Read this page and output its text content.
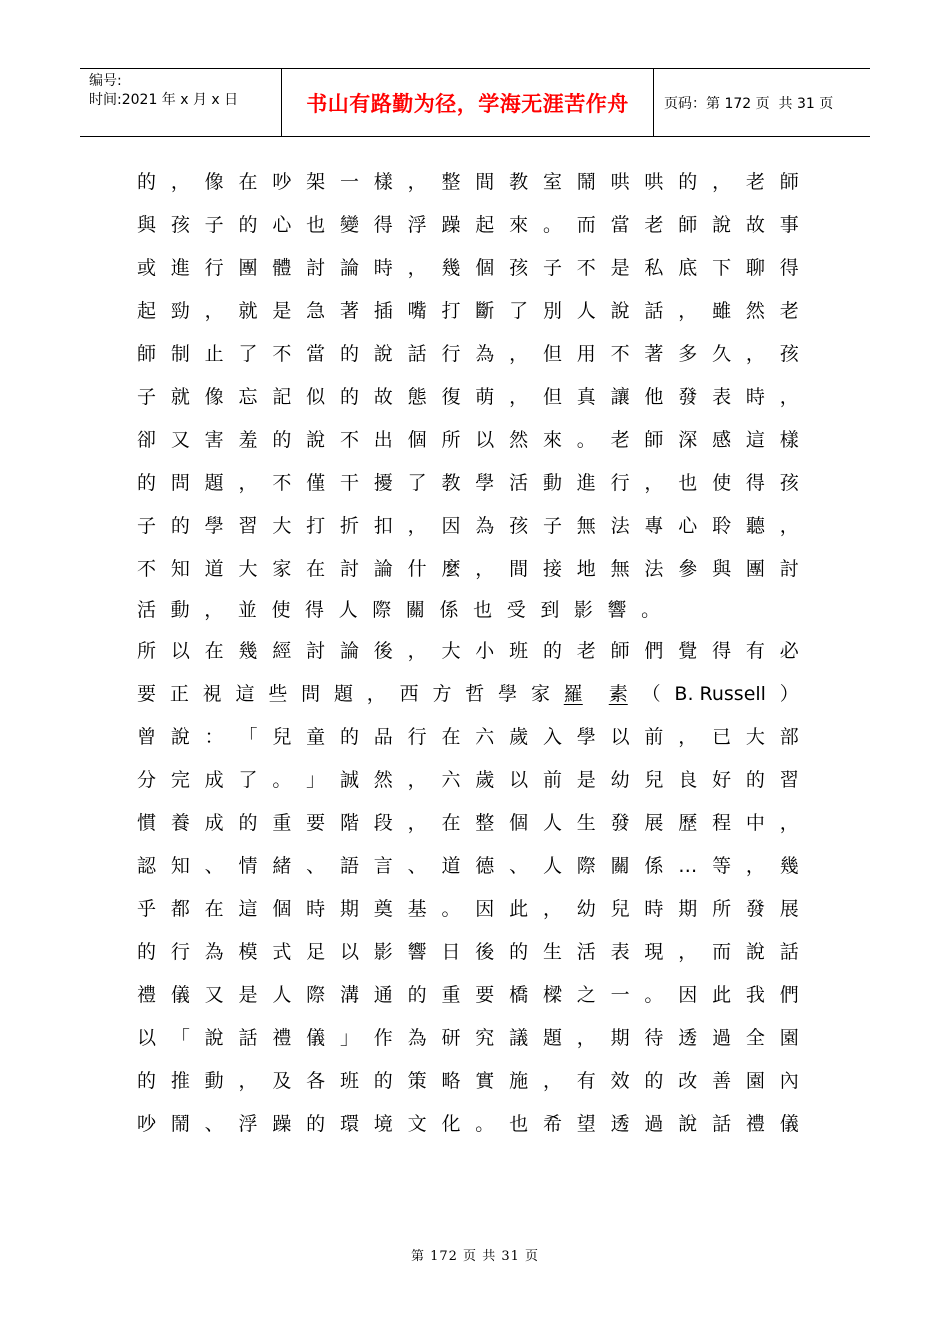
编号:
时间:2021 年 x 月 x 日	书山有路勤为径，学海无涯苦作舟	页码：第 172 页  共 31 页
的 ， 像 在 吵 架 一 樣 ， 整 間 教 室 鬧 哄 哄 的 ， 老 師
與 孩 子 的 心 也 變 得 浮 躁 起 來 。 而 當 老 師 說 故 事
或 進 行 團 體 討 論 時 ， 幾 個 孩 子 不 是 私 底 下 聊 得
起 勁 ， 就 是 急 著 插 嘴 打 斷 了 別 人 說 話 ， 雖 然 老
師 制 止 了 不 當 的 說 話 行 為 ， 但 用 不 著 多 久 ， 孩
子 就 像 忘 記 似 的 故 態 復 萌 ， 但 真 讓 他 發 表 時 ，
卻 又 害 羞 的 說 不 出 個 所 以 然 來 。 老 師 深 感 這 樣
的 問 題 ， 不 僅 干 擾 了 教 學 活 動 進 行 ， 也 使 得 孩
子 的 學 習 大 打 折 扣 ， 因 為 孩 子 無 法 專 心 聆 聽 ，
不 知 道 大 家 在 討 論 什 麼 ， 間 接 地 無 法 參 與 團 討
活 動 ， 並 使 得 人 際 關 係 也 受 到 影 響 。
所 以 在 幾 經 討 論 後 ， 大 小 班 的 老 師 們 覺 得 有 必
要 正 視 這 些 問 題 ， 西 方 哲 學 家 羅 素 （ B. Russell ）
曾 說 ： 「 兒 童 的 品 行 在 六 歲 入 學 以 前 ， 已 大 部
分 完 成 了 。 」 誠 然 ， 六 歲 以 前 是 幼 兒 良 好 的 習
慣 養 成 的 重 要 階 段 ， 在 整 個 人 生 發 展 歷 程 中 ，
認 知 、 情 緒 、 語 言 、 道 德 、 人 際 關 係 … 等 ， 幾
乎 都 在 這 個 時 期 奠 基 。 因 此 ， 幼 兒 時 期 所 發 展
的 行 為 模 式 足 以 影 響 日 後 的 生 活 表 現 ， 而 說 話
禮 儀 又 是 人 際 溝 通 的 重 要 橋 樑 之 一 。 因 此 我 們
以 「 說 話 禮 儀 」 作 為 研 究 議 題 ， 期 待 透 過 全 園
的 推 動 ， 及 各 班 的 策 略 實 施 ， 有 效 的 改 善 園 內
吵 鬧 、 浮 躁 的 環 境 文 化 。 也 希 望 透 過 說 話 禮 儀
第 172 页 共 31 页
